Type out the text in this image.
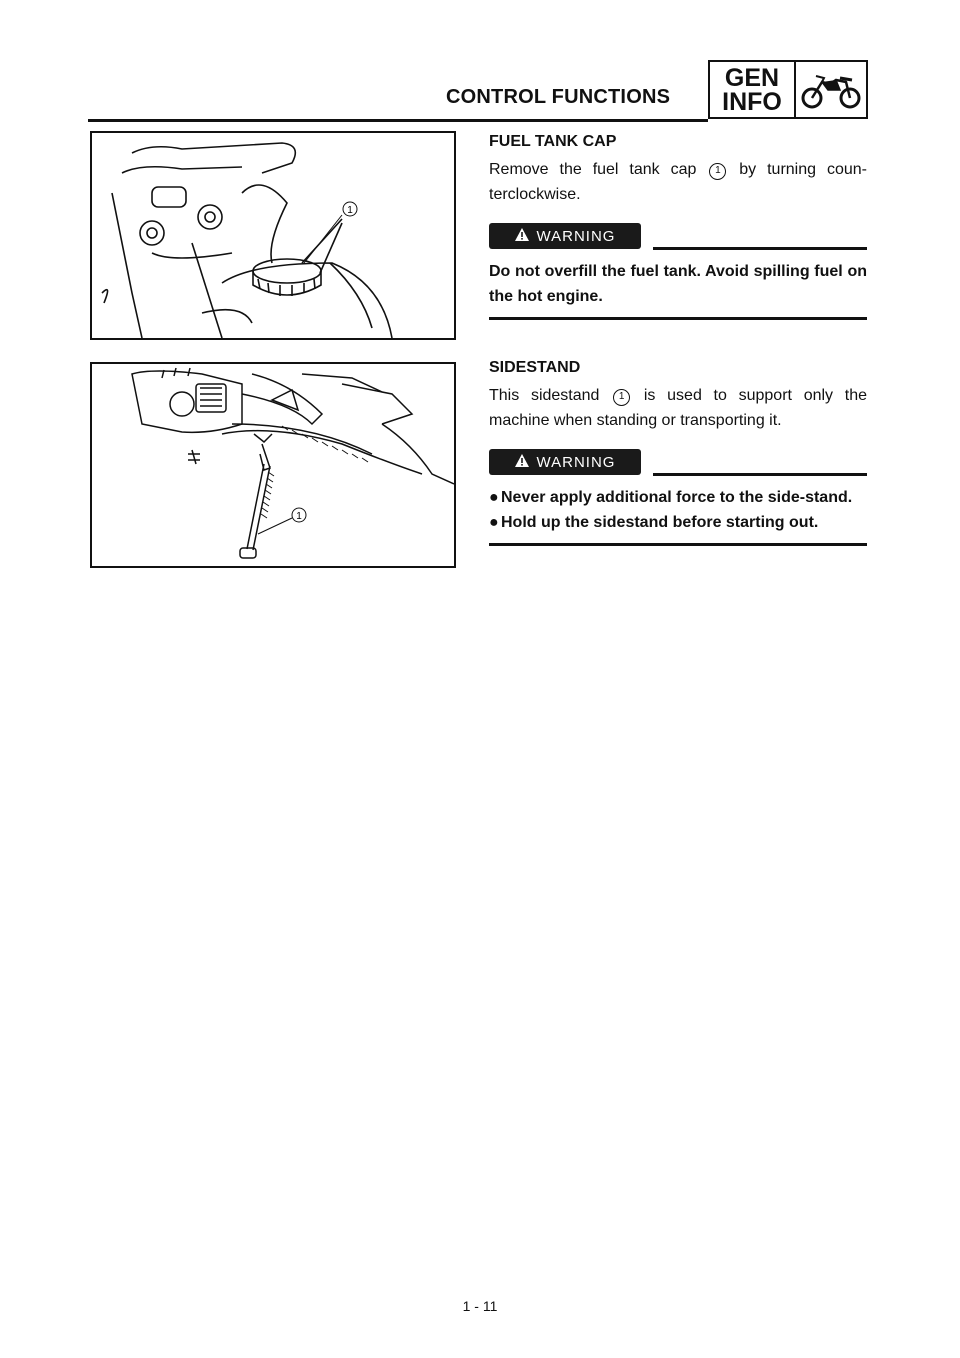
CONTROL FUNCTIONS
GEN
INFO
1
FUEL TANK CAP

Remove the fuel tank cap 1 by turning coun-terclockwise.

WARNING

Do not overfill the fuel tank. Avoid spilling fuel on the hot engine.

1
SIDESTAND

This sidestand 1 is used to support only the machine when standing or transporting it.

WARNING
● Never apply additional force to the side-stand.
● Hold up the sidestand before starting out.
1 - 11
